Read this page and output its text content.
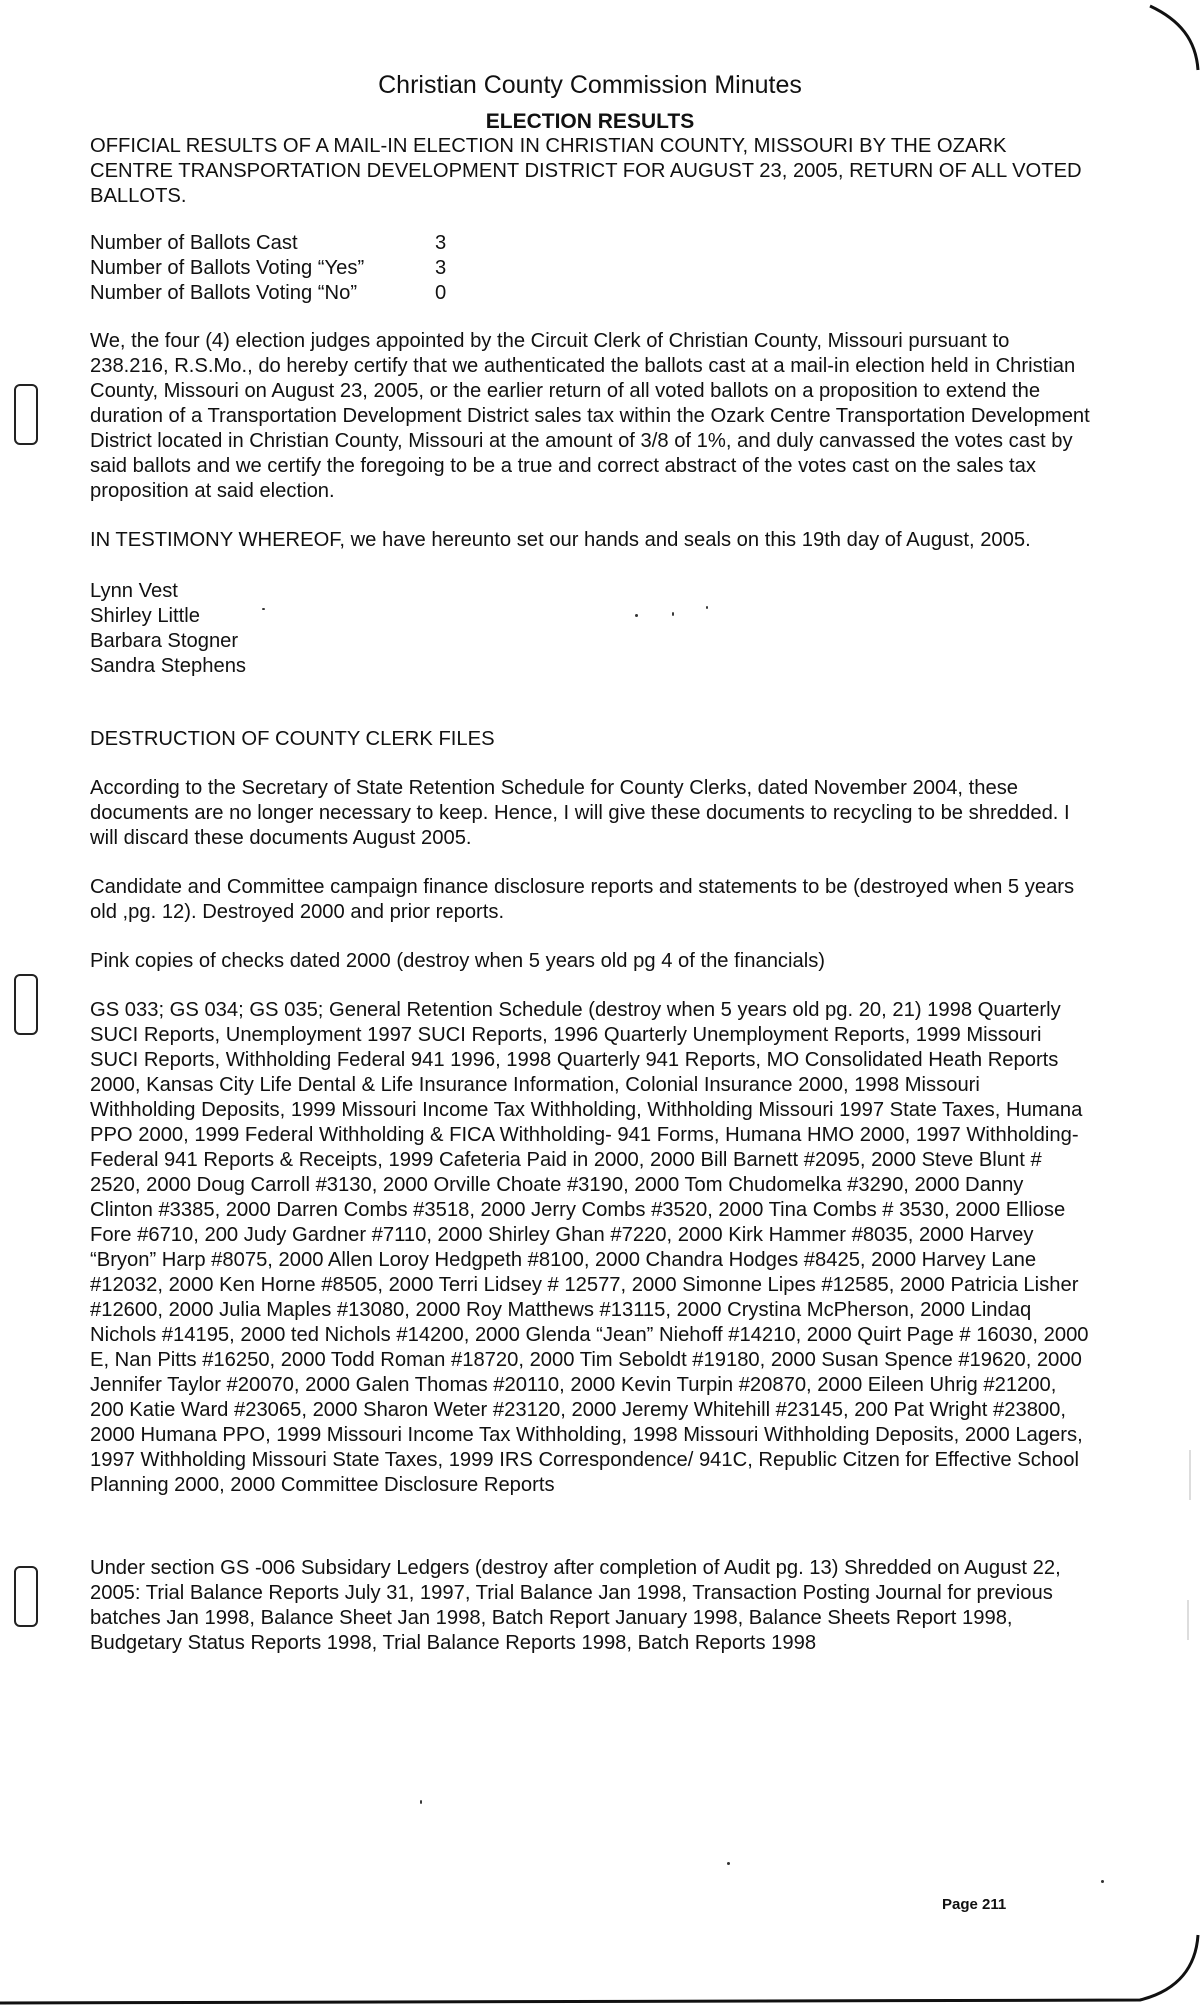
Christian County Commission Minutes
ELECTION RESULTS
OFFICIAL RESULTS OF A MAIL-IN ELECTION IN CHRISTIAN COUNTY, MISSOURI BY THE OZARK CENTRE TRANSPORTATION DEVELOPMENT DISTRICT FOR AUGUST 23, 2005, RETURN OF ALL VOTED BALLOTS.
Number of Ballots Cast	3
Number of Ballots Voting “Yes”	3
Number of Ballots Voting “No”	0

We, the four (4) election judges appointed by the Circuit Clerk of Christian County, Missouri pursuant to 238.216, R.S.Mo., do hereby certify that we authenticated the ballots cast at a mail-in election held in Christian County, Missouri on August 23, 2005, or the earlier return of all voted ballots on a proposition to extend the duration of a Transportation Development District sales tax within the Ozark Centre Transportation Development District located in Christian County, Missouri at the amount of 3/8 of 1%, and duly canvassed the votes cast by said ballots and we certify the foregoing to be a true and correct abstract of the votes cast on the sales tax proposition at said election.

IN TESTIMONY WHEREOF, we have hereunto set our hands and seals on this 19th day of August, 2005.

Lynn Vest
Shirley Little
Barbara Stogner
Sandra Stephens
DESTRUCTION OF COUNTY CLERK FILES

According to the Secretary of State Retention Schedule for County Clerks, dated November 2004, these documents are no longer necessary to keep. Hence, I will give these documents to recycling to be shredded. I will discard these documents August 2005.

Candidate and Committee campaign finance disclosure reports and statements to be (destroyed when 5 years old ,pg. 12). Destroyed 2000 and prior reports.

Pink copies of checks dated 2000 (destroy when 5 years old pg 4 of the financials)

GS 033; GS 034; GS 035; General Retention Schedule (destroy when 5 years old pg. 20, 21) 1998 Quarterly SUCI Reports, Unemployment 1997 SUCI Reports, 1996 Quarterly Unemployment Reports, 1999 Missouri SUCI Reports, Withholding Federal 941 1996, 1998 Quarterly 941 Reports, MO Consolidated Heath Reports 2000, Kansas City Life Dental & Life Insurance Information, Colonial Insurance 2000, 1998 Missouri Withholding Deposits, 1999 Missouri Income Tax Withholding, Withholding Missouri 1997 State Taxes, Humana PPO 2000, 1999 Federal Withholding & FICA Withholding- 941 Forms, Humana HMO 2000, 1997 Withholding- Federal 941 Reports & Receipts, 1999 Cafeteria Paid in 2000, 2000 Bill Barnett #2095, 2000 Steve Blunt # 2520, 2000 Doug Carroll #3130, 2000 Orville Choate #3190, 2000 Tom Chudomelka #3290, 2000 Danny Clinton #3385, 2000 Darren Combs #3518, 2000 Jerry Combs #3520, 2000 Tina Combs # 3530, 2000 Elliose Fore #6710, 200 Judy Gardner #7110, 2000 Shirley Ghan #7220, 2000 Kirk Hammer #8035, 2000 Harvey “Bryon” Harp #8075, 2000 Allen Loroy Hedgpeth #8100, 2000 Chandra Hodges #8425, 2000 Harvey Lane #12032, 2000 Ken Horne #8505, 2000 Terri Lidsey # 12577, 2000 Simonne Lipes #12585, 2000 Patricia Lisher #12600, 2000 Julia Maples #13080, 2000 Roy Matthews #13115, 2000 Crystina McPherson, 2000 Lindaq Nichols #14195, 2000 ted Nichols #14200, 2000 Glenda “Jean” Niehoff #14210, 2000 Quirt Page # 16030, 2000 E, Nan Pitts #16250, 2000 Todd Roman #18720, 2000 Tim Seboldt #19180, 2000 Susan Spence #19620, 2000 Jennifer Taylor #20070, 2000 Galen Thomas #20110, 2000 Kevin Turpin #20870, 2000 Eileen Uhrig #21200, 200 Katie Ward #23065, 2000 Sharon Weter #23120, 2000 Jeremy Whitehill #23145, 200 Pat Wright #23800, 2000 Humana PPO, 1999 Missouri Income Tax Withholding, 1998 Missouri Withholding Deposits, 2000 Lagers, 1997 Withholding Missouri State Taxes, 1999 IRS Correspondence/ 941C, Republic Citzen for Effective School Planning 2000, 2000 Committee Disclosure Reports

Under section GS -006 Subsidary Ledgers (destroy after completion of Audit pg. 13) Shredded on August 22, 2005: Trial Balance Reports July 31, 1997, Trial Balance Jan 1998, Transaction Posting Journal for previous batches Jan 1998, Balance Sheet Jan 1998, Batch Report January 1998, Balance Sheets Report 1998, Budgetary Status Reports 1998, Trial Balance Reports 1998, Batch Reports 1998

Page 211
